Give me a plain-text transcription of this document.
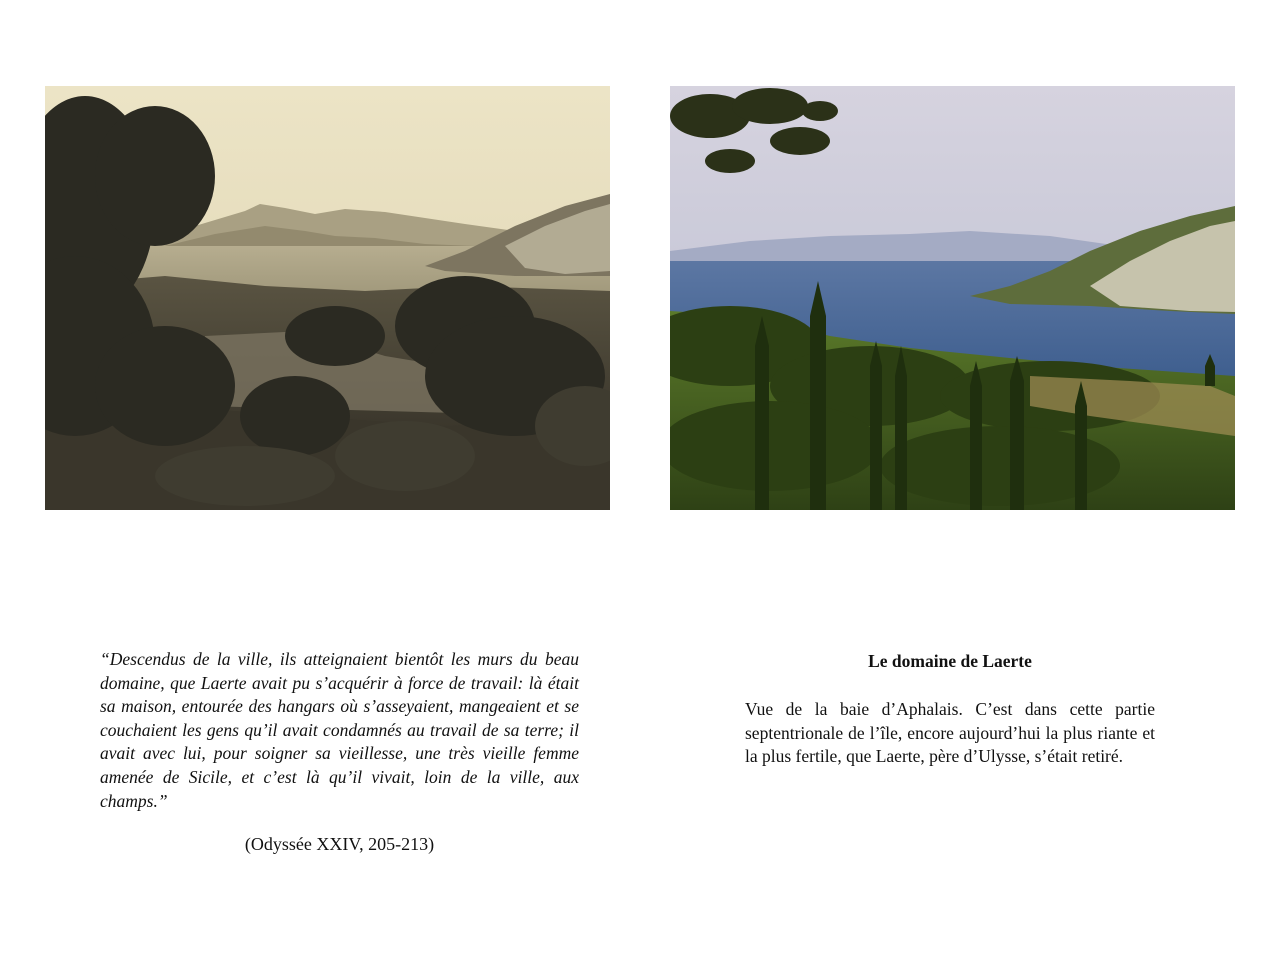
“Descendus de la ville, ils atteignaient bientôt les murs du beau domaine, que Laerte avait pu s’acquérir à force de travail: là était sa maison, entourée des hangars où s’asseyaient, mangeaient et se couchaient les gens qu’il avait condamnés au travail de sa terre; il avait avec lui, pour soigner sa vieillesse, une très vieille femme amenée de Sicile, et c’est là qu’il vivait, loin de la ville, aux champs.”

(Odyssée XXIV, 205-213)

Le domaine de Laerte

Vue de la baie d’Aphalais. C’est dans cette partie septentrionale de l’île, encore aujourd’hui la plus riante et la plus fertile, que Laerte, père d’Ulysse, s’était retiré.
